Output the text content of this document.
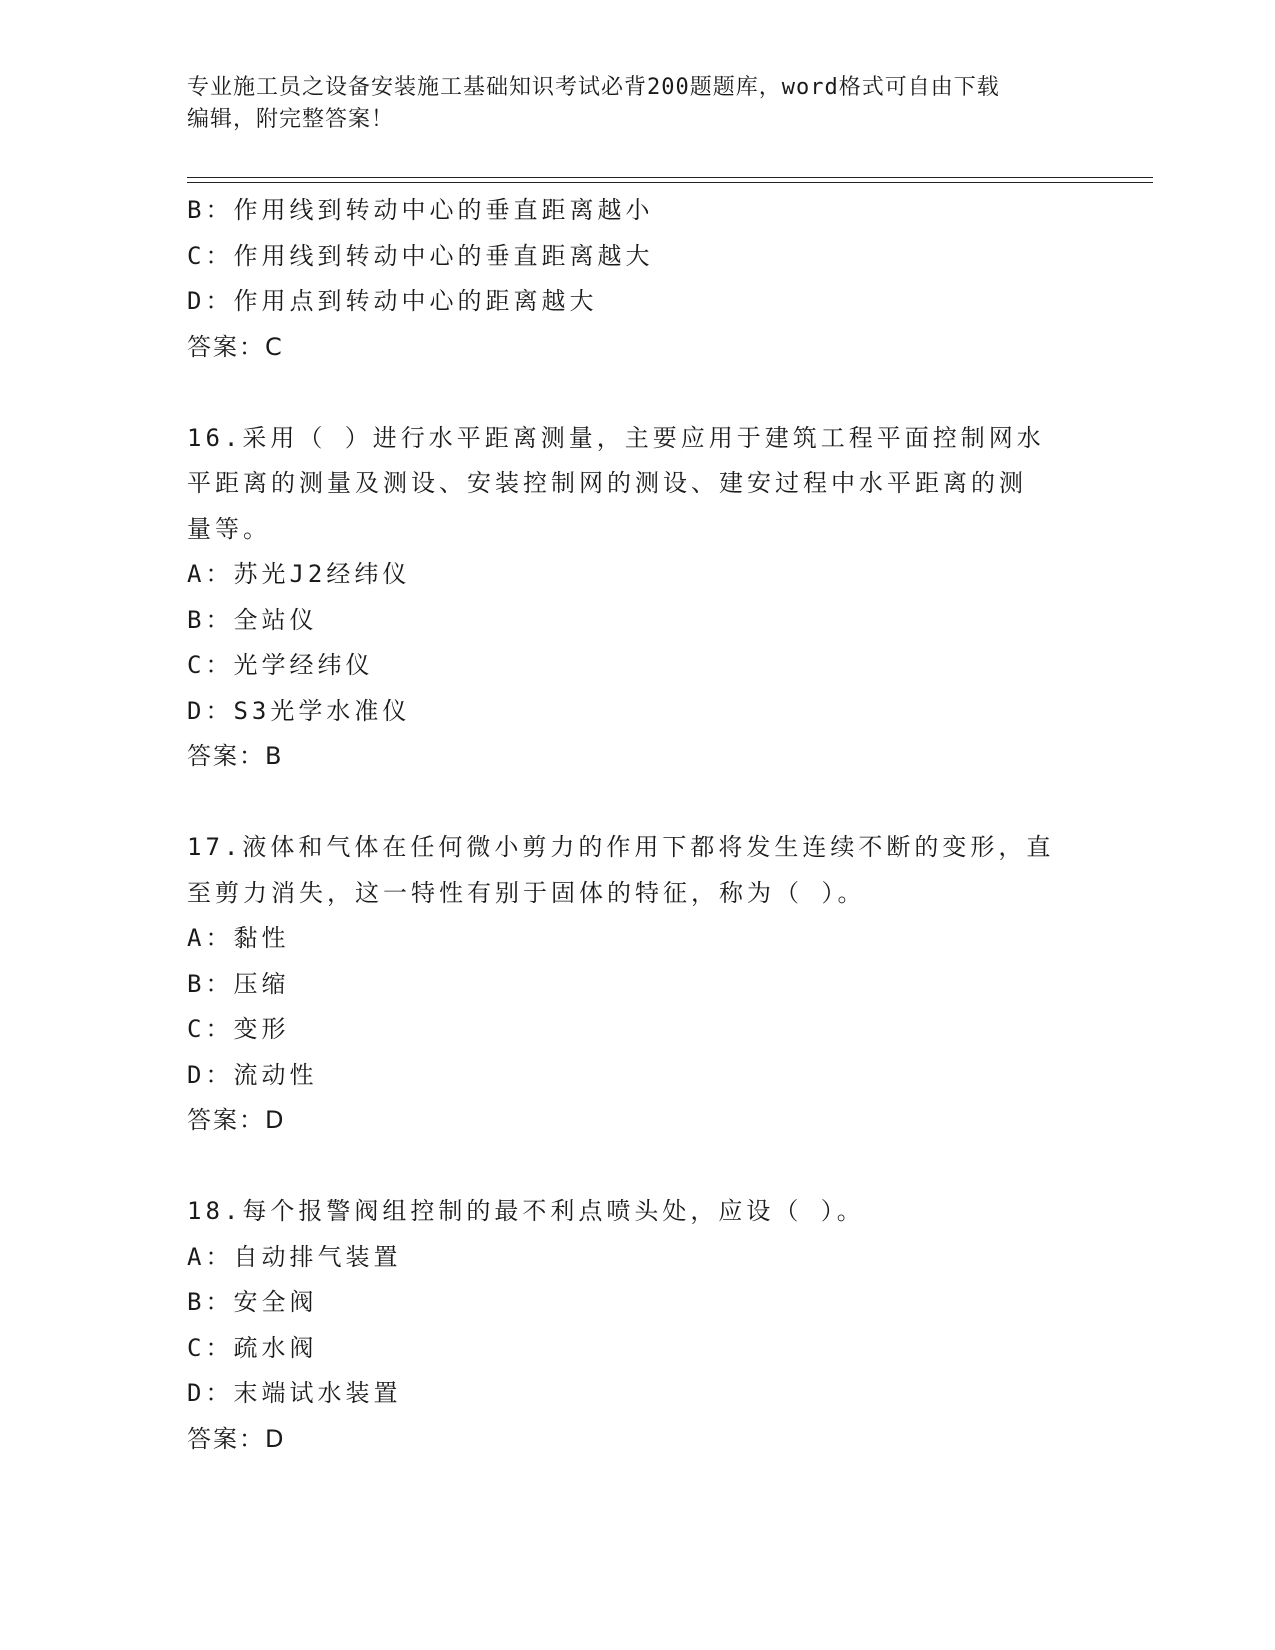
专业施工员之设备安装施工基础知识考试必背200题题库，word格式可自由下载
编辑，附完整答案！
B：作用线到转动中心的垂直距离越小
C：作用线到转动中心的垂直距离越大
D：作用点到转动中心的距离越大
答案：C
16.采用（ ）进行水平距离测量，主要应用于建筑工程平面控制网水
平距离的测量及测设、安装控制网的测设、建安过程中水平距离的测
量等。
A：苏光J2经纬仪
B：全站仪
C：光学经纬仪
D：S3光学水准仪
答案：B
17.液体和气体在任何微小剪力的作用下都将发生连续不断的变形，直
至剪力消失，这一特性有别于固体的特征，称为（ ）。
A：黏性
B：压缩
C：变形
D：流动性
答案：D
18.每个报警阀组控制的最不利点喷头处，应设（ ）。
A：自动排气装置
B：安全阀
C：疏水阀
D：末端试水装置
答案：D
